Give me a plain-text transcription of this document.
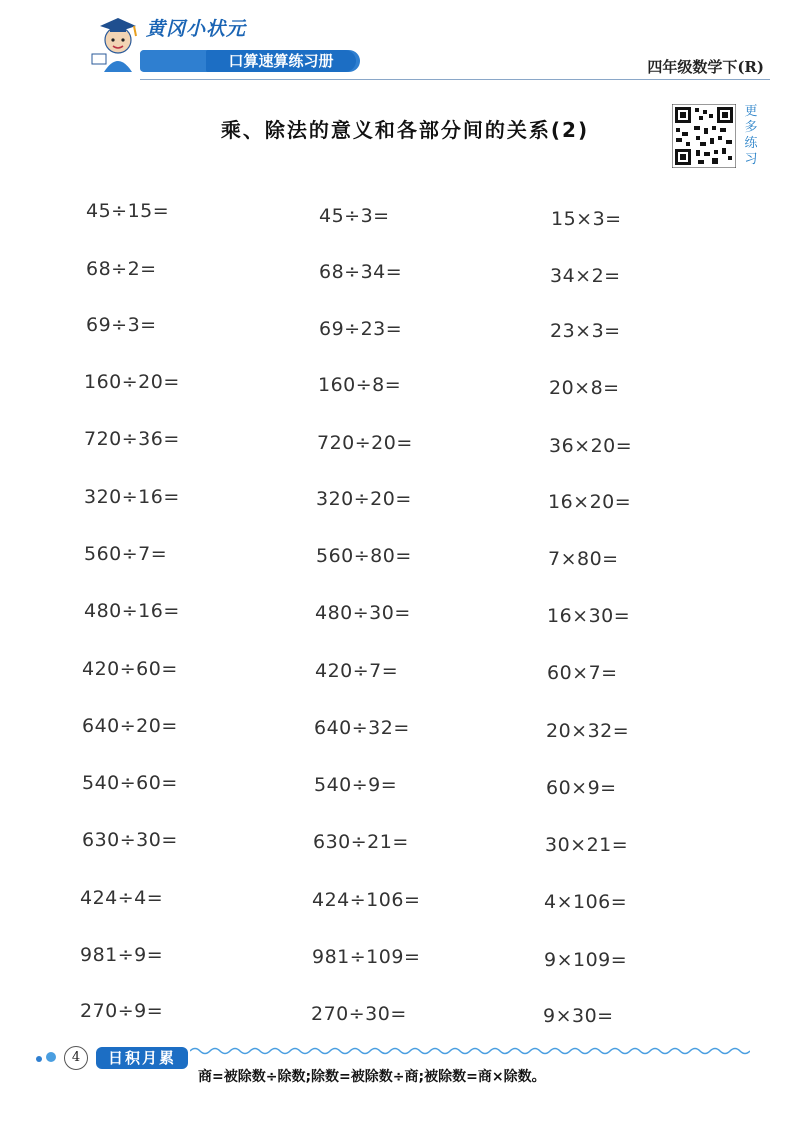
黄冈小状元
口算速算练习册	四年级数学下(R)
乘、除法的意义和各部分间的关系(2)
更多练习
45÷15=
68÷2=
69÷3=
160÷20=
720÷36=
320÷16=
560÷7=
480÷16=
420÷60=
640÷20=
540÷60=
630÷30=
424÷4=
981÷9=
270÷9=
45÷3=
68÷34=
69÷23=
160÷8=
720÷20=
320÷20=
560÷80=
480÷30=
420÷7=
640÷32=
540÷9=
630÷21=
424÷106=
981÷109=
270÷30=
15×3=
34×2=
23×3=
20×8=
36×20=
16×20=
7×80=
16×30=
60×7=
20×32=
60×9=
30×21=
4×106=
9×109=
9×30=
4	日积月累
商=被除数÷除数;除数=被除数÷商;被除数=商×除数。
